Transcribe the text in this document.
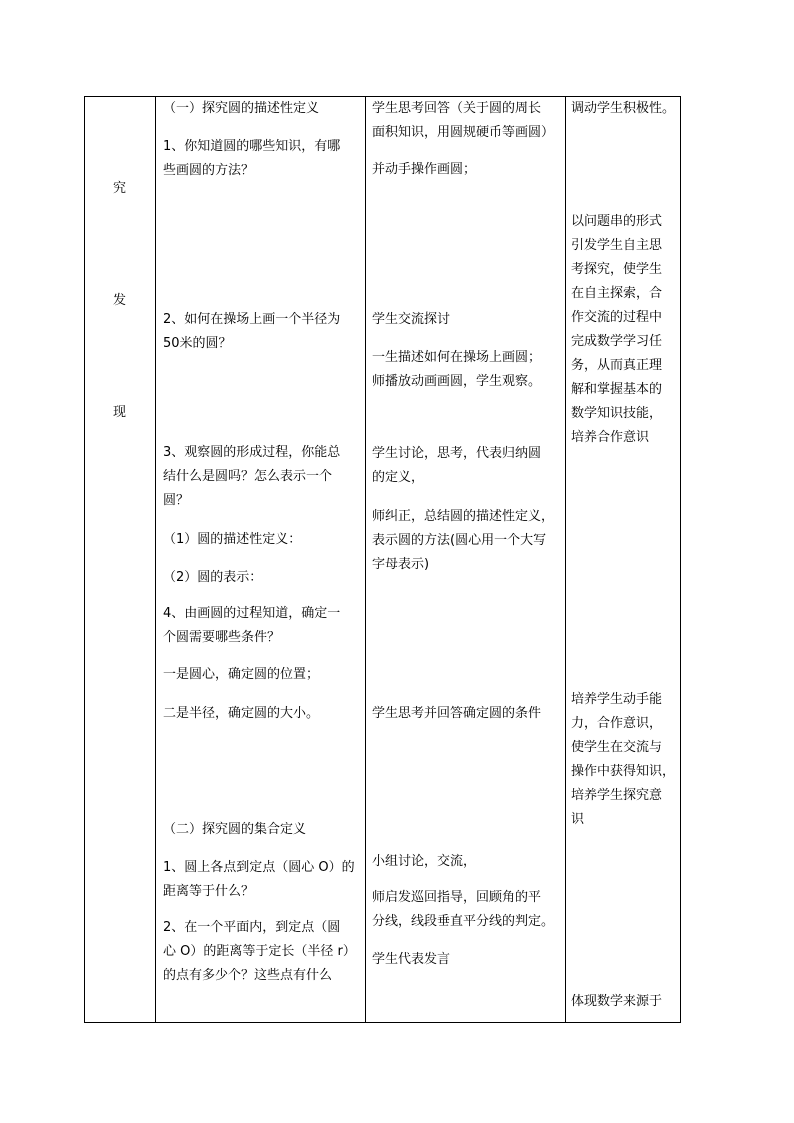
究
发
现
（一）探究圆的描述性定义
1、你知道圆的哪些知识，有哪
些画圆的方法？
2、如何在操场上画一个半径为
50米的圆？
3、观察圆的形成过程，你能总
结什么是圆吗？怎么表示一个
圆？
（1）圆的描述性定义：
（2）圆的表示：
4、由画圆的过程知道，确定一
个圆需要哪些条件？
一是圆心，确定圆的位置；
二是半径，确定圆的大小。
（二）探究圆的集合定义
1、圆上各点到定点（圆心 O）的
距离等于什么？
2、在一个平面内，到定点（圆
心 O）的距离等于定长（半径 r）
的点有多少个？这些点有什么
学生思考回答（关于圆的周长
面积知识，用圆规硬币等画圆）
并动手操作画圆；
学生交流探讨
一生描述如何在操场上画圆；
师播放动画画圆，学生观察。
学生讨论，思考，代表归纳圆
的定义，
师纠正，总结圆的描述性定义，
表示圆的方法(圆心用一个大写
字母表示)
学生思考并回答确定圆的条件
小组讨论，交流，
师启发巡回指导，回顾角的平
分线，线段垂直平分线的判定。
学生代表发言
调动学生积极性。
以问题串的形式
引发学生自主思
考探究，使学生
在自主探索，合
作交流的过程中
完成数学学习任
务，从而真正理
解和掌握基本的
数学知识技能，
培养合作意识
培养学生动手能
力，合作意识，
使学生在交流与
操作中获得知识，
培养学生探究意
识
体现数学来源于
